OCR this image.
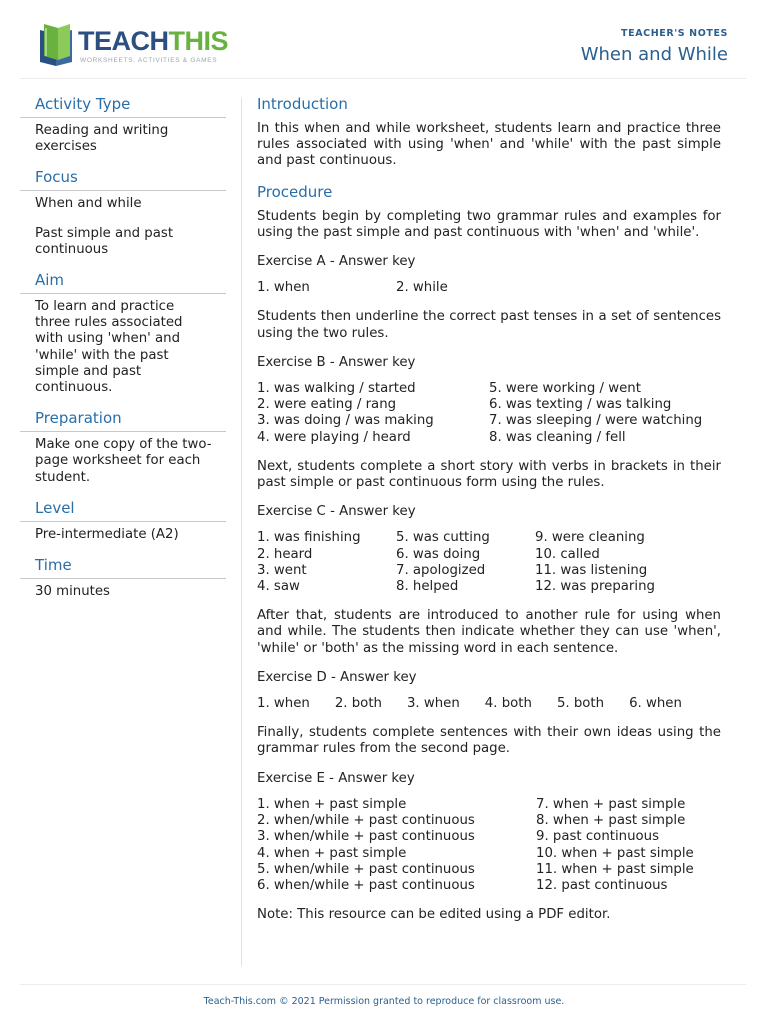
TEACHTHIS
WORKSHEETS, ACTIVITIES & GAMES
TEACHER'S NOTES
When and While
Activity Type

Reading and writing exercises

Focus

When and while

Past simple and past continuous

Aim

To learn and practice three rules associated with using 'when' and 'while' with the past simple and past continuous.

Preparation

Make one copy of the two-page worksheet for each student.

Level

Pre-intermediate (A2)

Time

30 minutes

Introduction

In this when and while worksheet, students learn and practice three rules associated with using 'when' and 'while' with the past simple and past continuous.

Procedure

Students begin by completing two grammar rules and examples for using the past simple and past continuous with 'when' and 'while'.

Exercise A - Answer key

1. when	2. while

Students then underline the correct past tenses in a set of sentences using the two rules.

Exercise B - Answer key

1. was walking / started	5. were working / went
2. were eating / rang	6. was texting / was talking
3. was doing / was making	7. was sleeping / were watching
4. were playing / heard	8. was cleaning / fell

Next, students complete a short story with verbs in brackets in their past simple or past continuous form using the rules.

Exercise C - Answer key

1. was finishing	5. was cutting	9. were cleaning
2. heard	6. was doing	10. called
3. went	7. apologized	11. was listening
4. saw	8. helped	12. was preparing

After that, students are introduced to another rule for using when and while. The students then indicate whether they can use 'when', 'while' or 'both' as the missing word in each sentence.

Exercise D - Answer key

1. when 2. both 3. when 4. both 5. both 6. when

Finally, students complete sentences with their own ideas using the grammar rules from the second page.

Exercise E - Answer key

1. when + past simple	7. when + past simple
2. when/while + past continuous	8. when + past simple
3. when/while + past continuous	9. past continuous
4. when + past simple	10. when + past simple
5. when/while + past continuous	11. when + past simple
6. when/while + past continuous	12. past continuous

Note: This resource can be edited using a PDF editor.

Teach-This.com © 2021 Permission granted to reproduce for classroom use.
